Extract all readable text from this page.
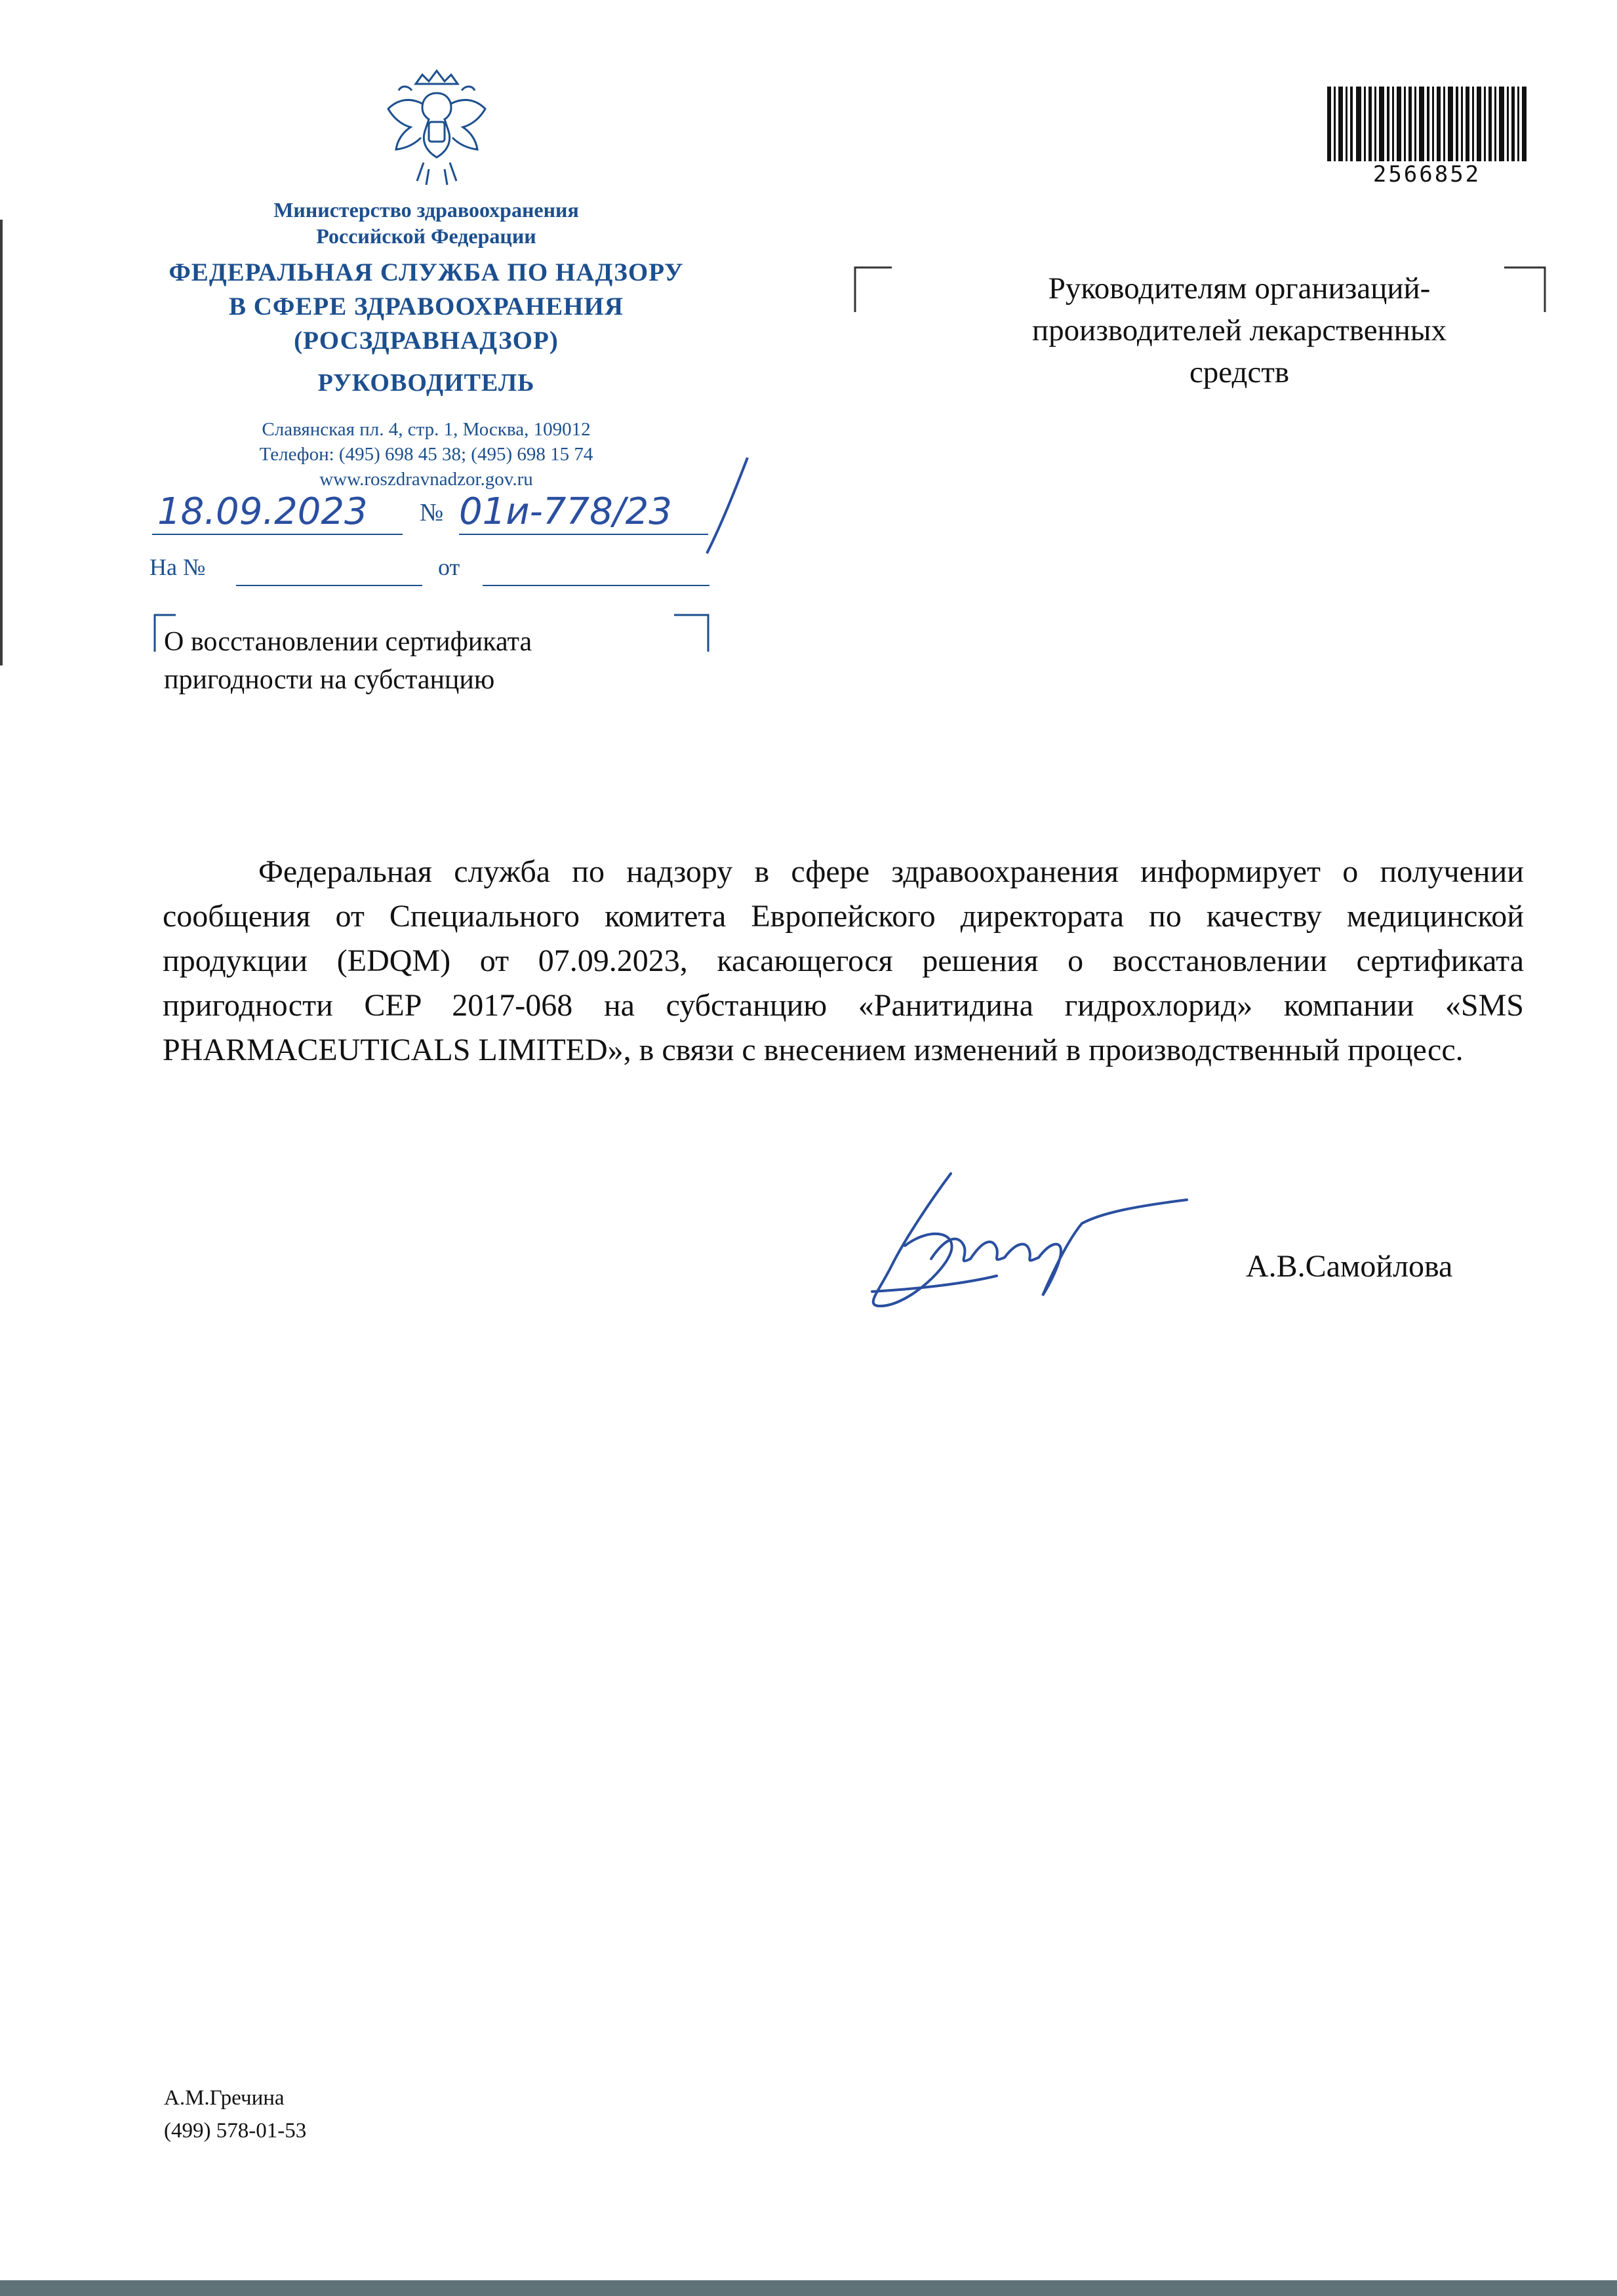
Министерство здравоохранения
Российской Федерации
ФЕДЕРАЛЬНАЯ СЛУЖБА ПО НАДЗОРУ
В СФЕРЕ ЗДРАВООХРАНЕНИЯ
(РОСЗДРАВНАДЗОР)
РУКОВОДИТЕЛЬ
Славянская пл. 4, стр. 1, Москва, 109012
Телефон: (495) 698 45 38; (495) 698 15 74
www.roszdravnadzor.gov.ru
18.09.2023	№ 01и-778/23
На №	от
О восстановлении сертификата
пригодности на субстанцию
Руководителям организаций-
производителей лекарственных
средств
2566852
Федеральная служба по надзору в сфере здравоохранения информирует о получении сообщения от Специального комитета Европейского директората по качеству медицинской продукции (EDQM) от 07.09.2023, касающегося решения о восстановлении сертификата пригодности CEP 2017-068 на субстанцию «Ранитидина гидрохлорид» компании «SMS PHARMACEUTICALS LIMITED», в связи с внесением изменений в производственный процесс.
А.В.Самойлова
А.М.Гречина
(499) 578-01-53
